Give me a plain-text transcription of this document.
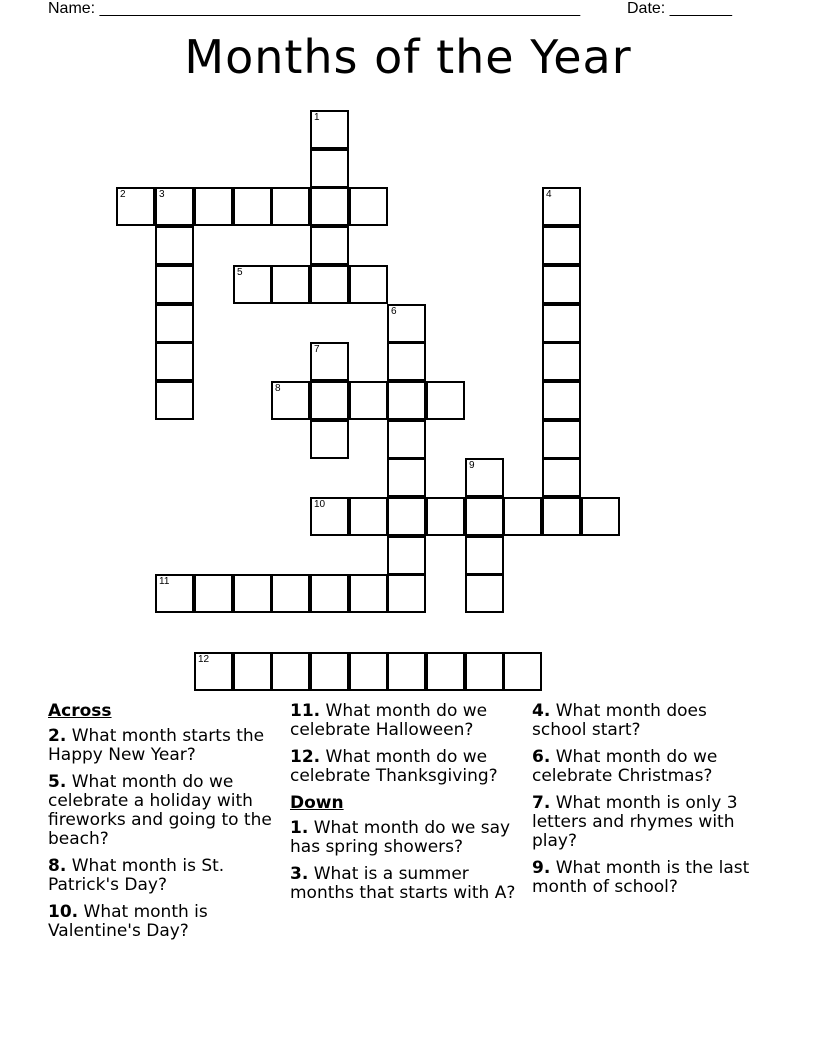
Name: ______________________________________________________	Date: _______
Months of the Year
1
2	3	4
5
6
7
8
9
10
11
12
Across
2. What month starts the Happy New Year?
5. What month do we celebrate a holiday with fireworks and going to the beach?
8. What month is St. Patrick's Day?
10. What month is Valentine's Day?
11. What month do we celebrate Halloween?
12. What month do we celebrate Thanksgiving?
Down
1. What month do we say has spring showers?
3. What is a summer months that starts with A?
4. What month does school start?
6. What month do we celebrate Christmas?
7. What month is only 3 letters and rhymes with play?
9. What month is the last month of school?
